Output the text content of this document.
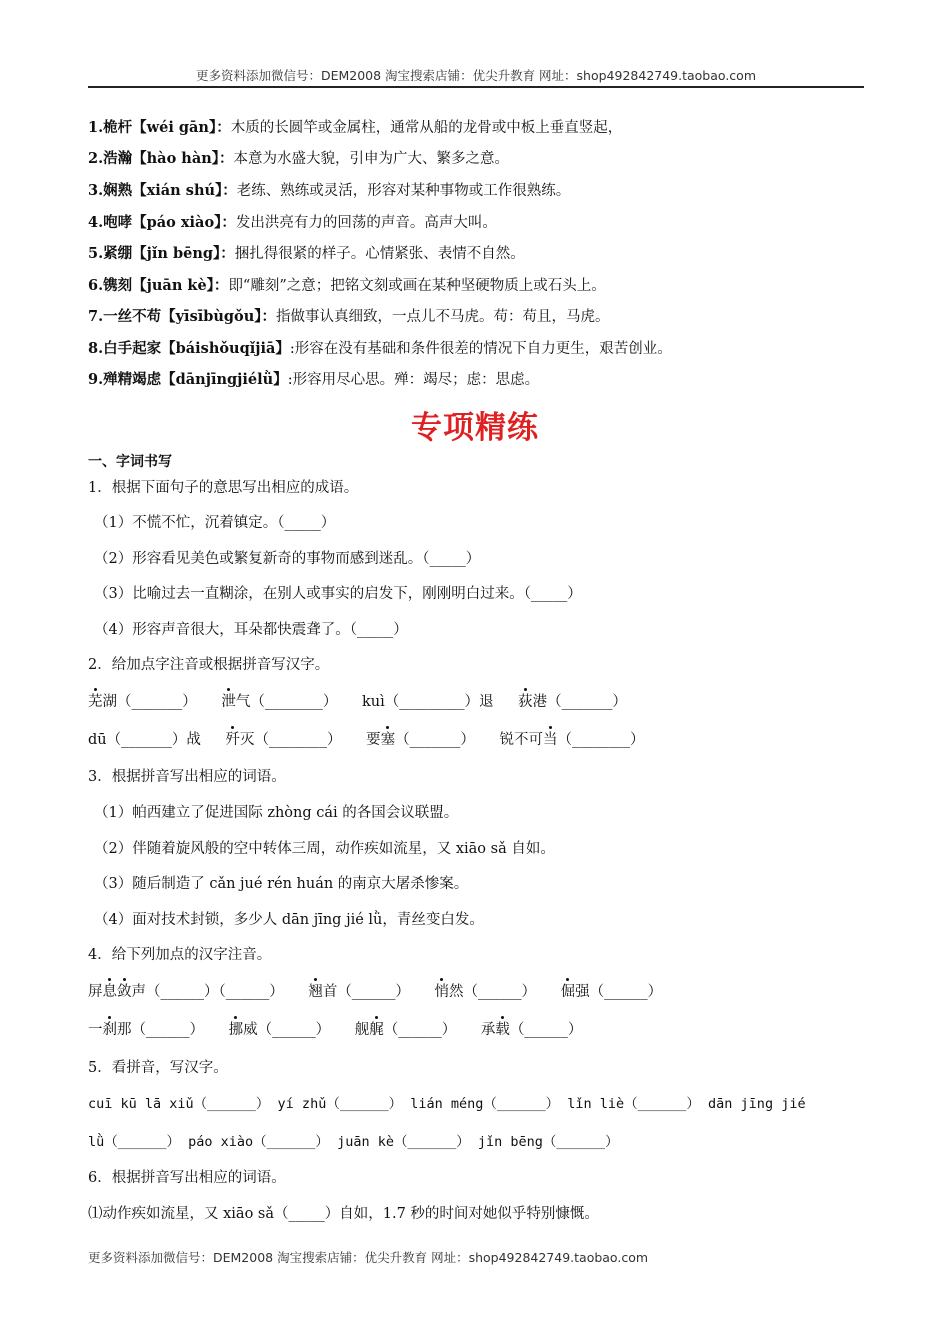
更多资料添加微信号：DEM2008 淘宝搜索店铺：优尖升教育 网址：shop492842749.taobao.com
1.桅杆【wéi gān】：木质的长圆竿或金属柱，通常从船的龙骨或中板上垂直竖起，
2.浩瀚【hào hàn】：本意为水盛大貌，引申为广大、繁多之意。
3.娴熟【xián shú】：老练、熟练或灵活，形容对某种事物或工作很熟练。
4.咆哮【páo xiào】：发出洪亮有力的回荡的声音。高声大叫。
5.紧绷【jǐn bēng】：捆扎得很紧的样子。心情紧张、表情不自然。
6.镌刻【juān kè】：即“雕刻”之意；把铭文刻或画在某种坚硬物质上或石头上。
7.一丝不苟【yīsībùgǒu】：指做事认真细致，一点儿不马虎。苟：苟且，马虎。
8.白手起家【báishǒuqǐjiā】:形容在没有基础和条件很差的情况下自力更生，艰苦创业。
9.殚精竭虑【dānjīngjiélǜ】:形容用尽心思。殚：竭尽；虑：思虑。
专项精练
一、字词书写
1．根据下面句子的意思写出相应的成语。
（1）不慌不忙，沉着镇定。（_____）
（2）形容看见美色或繁复新奇的事物而感到迷乱。（_____）
（3）比喻过去一直糊涂，在别人或事实的启发下，刚刚明白过来。（_____）
（4）形容声音很大，耳朵都快震聋了。（_____）
2．给加点字注音或根据拼音写汉字。
芜湖（_______） 泄气（________） kuì（_________）退 荻港（_______）
dū（_______）战 歼灭（________） 要塞（_______） 锐不可当（________）
3．根据拼音写出相应的词语。
（1）帕西建立了促进国际 zhòng cái 的各国会议联盟。
（2）伴随着旋风般的空中转体三周，动作疾如流星，又 xiāo sǎ 自如。
（3）随后制造了 cǎn jué rén huán 的南京大屠杀惨案。
（4）面对技术封锁，多少人 dān jīng jié lǜ，青丝变白发。
4．给下列加点的汉字注音。
屏息敛声（______）（______） 翘首（______） 悄然（______） 倔强（______）
一刹那（______） 挪威（______） 舰艉（______） 承载（______）
5．看拼音，写汉字。
cuī kū lā xiǔ（______） yí zhǔ（______） lián méng（______） lǐn liè（______） dān jīng jié
lǜ（______） páo xiào（______） juān kè（______） jǐn bēng（______）
6．根据拼音写出相应的词语。
⑴动作疾如流星，又 xiāo sǎ（_____）自如，1.7 秒的时间对她似乎特别慷慨。
更多资料添加微信号：DEM2008 淘宝搜索店铺：优尖升教育 网址：shop492842749.taobao.com
